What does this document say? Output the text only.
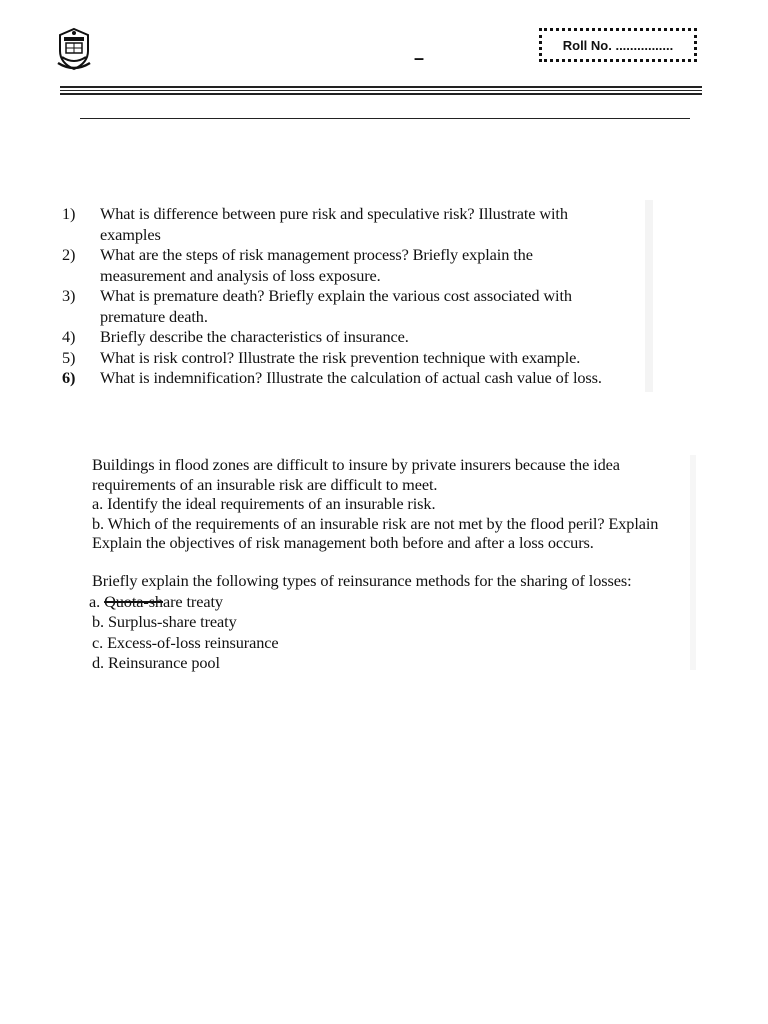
–
Roll No. ................
1)	What is difference between pure risk and speculative risk? Illustrate with
examples
2)	What are the steps of risk management process? Briefly explain the
measurement and analysis of loss exposure.
3)	What is premature death? Briefly explain the various cost associated with
premature death.
4)	Briefly describe the characteristics of insurance.
5)	What is risk control? Illustrate the risk prevention technique with example.
6)	What is indemnification? Illustrate the calculation of actual cash value of loss.
Buildings in flood zones are difficult to insure by private insurers because the idea
requirements of an insurable risk are difficult to meet.
a. Identify the ideal requirements of an insurable risk.
b. Which of the requirements of an insurable risk are not met by the flood peril? Explain
Explain the objectives of risk management both before and after a loss occurs.
Briefly explain the following types of reinsurance methods for the sharing of losses:
a. Quota-share treaty
b. Surplus-share treaty
c. Excess-of-loss reinsurance
d. Reinsurance pool
